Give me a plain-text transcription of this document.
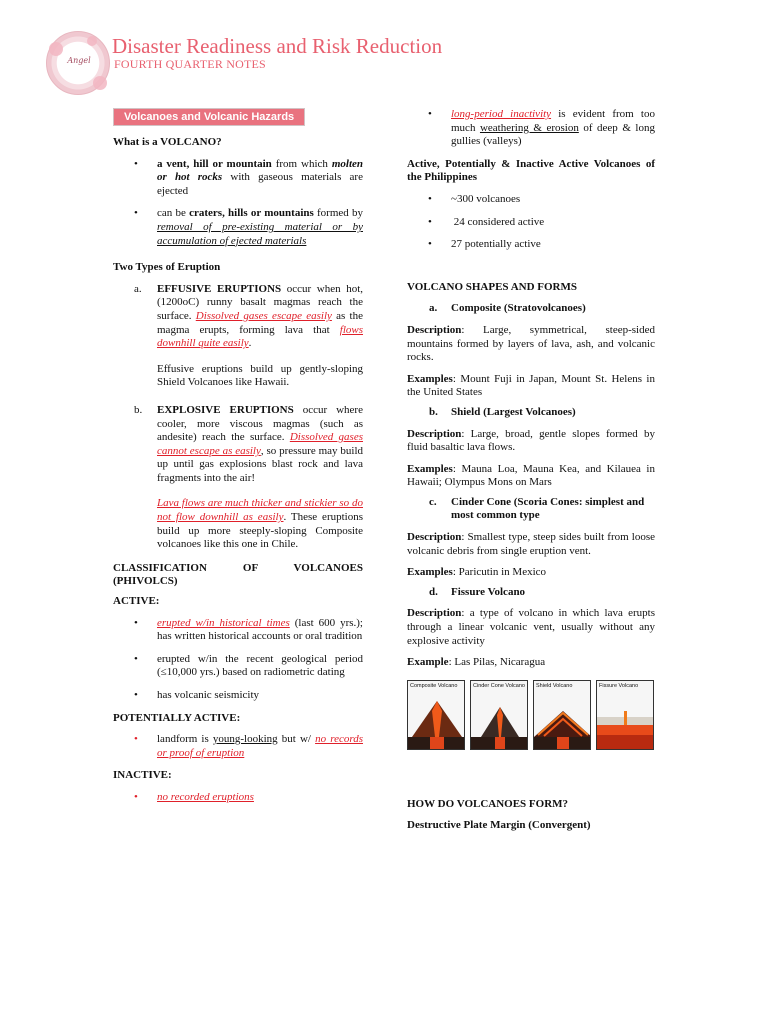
Angel
Disaster Readiness and Risk Reduction
FOURTH QUARTER NOTES
Volcanoes and Volcanic Hazards
What is a VOLCANO?
• a vent, hill or mountain from which molten or hot rocks with gaseous materials are ejected
• can be craters, hills or mountains formed by removal of pre-existing material or by accumulation of ejected materials
Two Types of Eruption
a. EFFUSIVE ERUPTIONS occur when hot, (1200oC) runny basalt magmas reach the surface. Dissolved gases escape easily as the magma erupts, forming lava that flows downhill quite easily.
Effusive eruptions build up gently-sloping Shield Volcanoes like Hawaii.
b. EXPLOSIVE ERUPTIONS occur where cooler, more viscous magmas (such as andesite) reach the surface. Dissolved gases cannot escape as easily, so pressure may build up until gas explosions blast rock and lava fragments into the air!
Lava flows are much thicker and stickier so do not flow downhill as easily. These eruptions build up more steeply-sloping Composite volcanoes like this one in Chile.
CLASSIFICATION OF VOLCANOES (PHIVOLCS)
ACTIVE:
• erupted w/in historical times (last 600 yrs.); has written historical accounts or oral tradition
• erupted w/in the recent geological period (≤10,000 yrs.) based on radiometric dating
• has volcanic seismicity
POTENTIALLY ACTIVE:
• landform is young-looking but w/ no records or proof of eruption
INACTIVE:
• no recorded eruptions
• long-period inactivity is evident from too much weathering & erosion of deep & long gullies (valleys)
Active, Potentially & Inactive Active Volcanoes of the Philippines
• ~300 volcanoes
•  24 considered active
• 27 potentially active
VOLCANO SHAPES AND FORMS
a. Composite (Stratovolcanoes)
Description: Large, symmetrical, steep-sided mountains formed by layers of lava, ash, and volcanic rocks.
Examples: Mount Fuji in Japan, Mount St. Helens in the United States
b. Shield (Largest Volcanoes)
Description: Large, broad, gentle slopes formed by fluid basaltic lava flows.
Examples: Mauna Loa, Mauna Kea, and Kilauea in Hawaii; Olympus Mons on Mars
c. Cinder Cone (Scoria Cones: simplest and most common type
Description: Smallest type, steep sides built from loose volcanic debris from single eruption vent.
Examples: Paricutin in Mexico
d. Fissure Volcano
Description: a type of volcano in which lava erupts through a linear volcanic vent, usually without any explosive activity
Example: Las Pilas, Nicaragua
Composite Volcano	Cinder Cone Volcano Shield Volcano	Fissure Volcano
HOW DO VOLCANOES FORM?
Destructive Plate Margin (Convergent)
